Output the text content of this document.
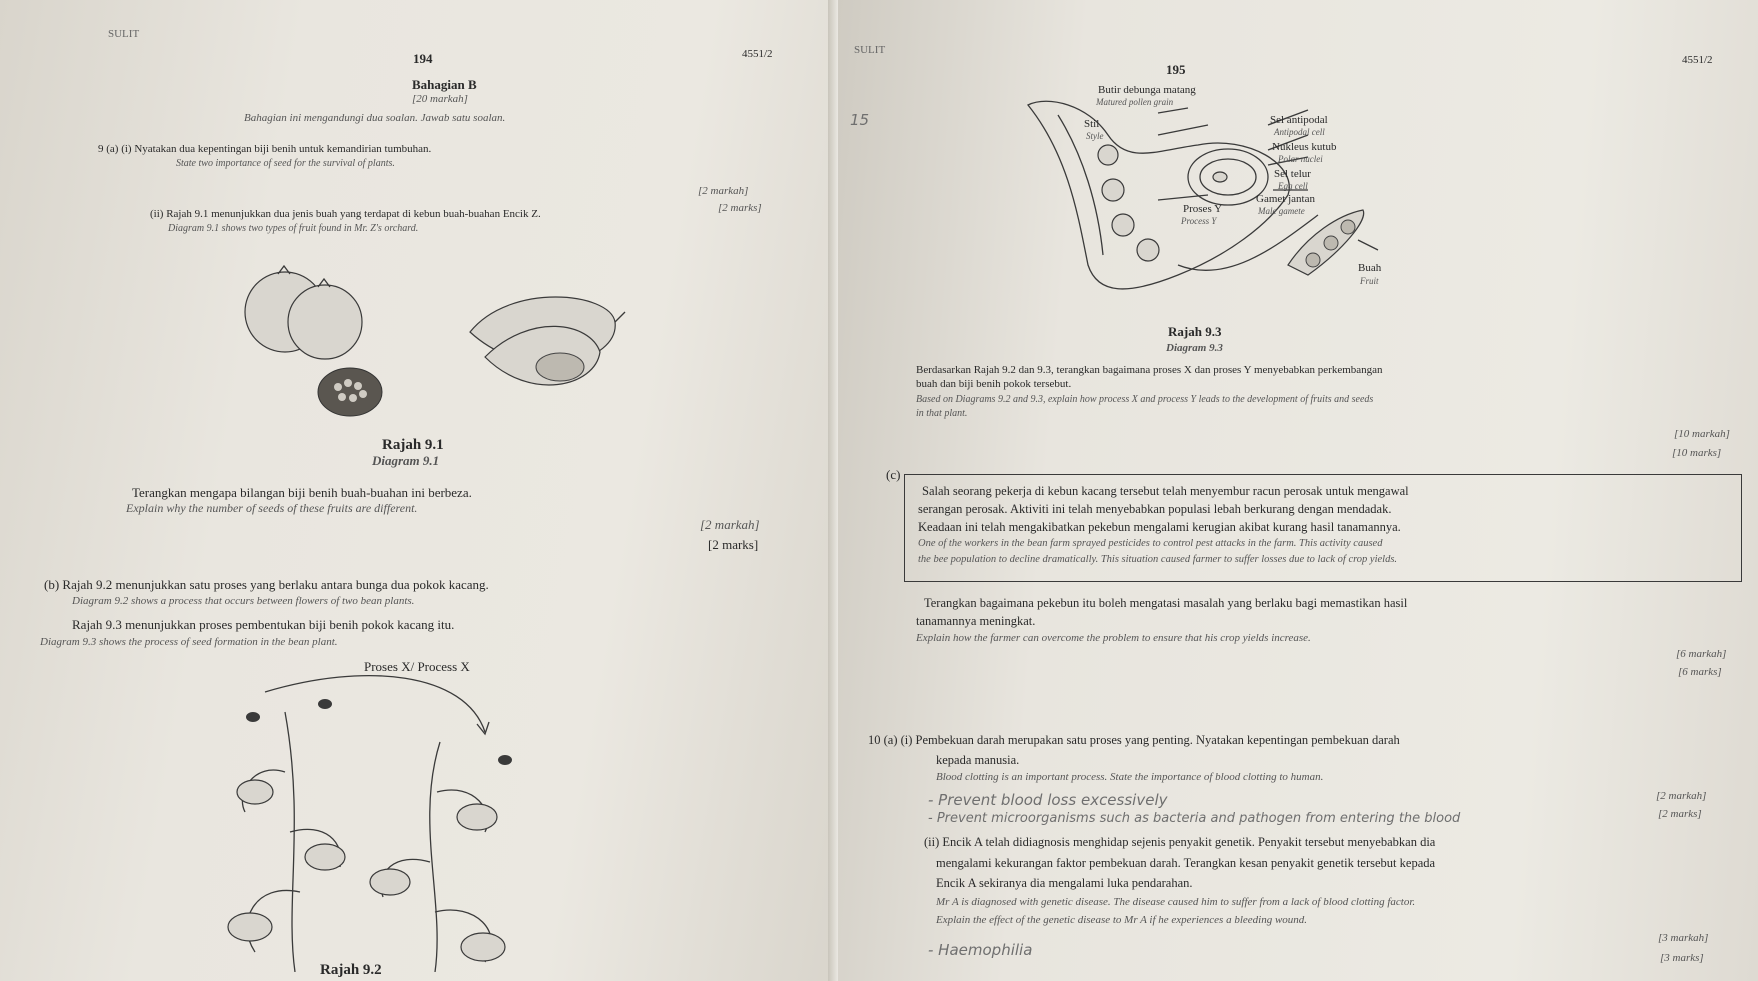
SULIT
194	4551/2
Bahagian B
[20 markah]
Bahagian ini mengandungi dua soalan. Jawab satu soalan.
9 (a) (i) Nyatakan dua kepentingan biji benih untuk kemandirian tumbuhan.
State two importance of seed for the survival of plants.
[2 markah]
[2 marks]
(ii) Rajah 9.1 menunjukkan dua jenis buah yang terdapat di kebun buah-buahan Encik Z.
Diagram 9.1 shows two types of fruit found in Mr. Z's orchard.
Rajah 9.1
Diagram 9.1
Terangkan mengapa bilangan biji benih buah-buahan ini berbeza.
Explain why the number of seeds of these fruits are different.
[2 markah]
[2 marks]
(b) Rajah 9.2 menunjukkan satu proses yang berlaku antara bunga dua pokok kacang.
Diagram 9.2 shows a process that occurs between flowers of two bean plants.
Rajah 9.3 menunjukkan proses pembentukan biji benih pokok kacang itu.
Diagram 9.3 shows the process of seed formation in the bean plant.
Proses X/ Process X
Rajah 9.2
SULIT
195
4551/2
15
Butir debunga matang
Matured pollen grain
Stil
Style
Sel antipodal
Antipodal cell
Nukleus kutub
Polar nuclei
Sel telur
Egg cell
Gamet jantan
Male gamete
Proses Y
Process Y
Buah
Fruit
Rajah 9.3
Diagram 9.3
Berdasarkan Rajah 9.2 dan 9.3, terangkan bagaimana proses X dan proses Y menyebabkan perkembangan
buah dan biji benih pokok tersebut.
Based on Diagrams 9.2 and 9.3, explain how process X and process Y leads to the development of fruits and seeds
in that plant.
[10 markah]
[10 marks]
(c)
Salah seorang pekerja di kebun kacang tersebut telah menyembur racun perosak untuk mengawal
serangan perosak. Aktiviti ini telah menyebabkan populasi lebah berkurang dengan mendadak.
Keadaan ini telah mengakibatkan pekebun mengalami kerugian akibat kurang hasil tanamannya.
One of the workers in the bean farm sprayed pesticides to control pest attacks in the farm. This activity caused
the bee population to decline dramatically. This situation caused farmer to suffer losses due to lack of crop yields.
Terangkan bagaimana pekebun itu boleh mengatasi masalah yang berlaku bagi memastikan hasil
tanamannya meningkat.
Explain how the farmer can overcome the problem to ensure that his crop yields increase.
[6 markah]
[6 marks]
10 (a) (i) Pembekuan darah merupakan satu proses yang penting. Nyatakan kepentingan pembekuan darah
kepada manusia.
Blood clotting is an important process. State the importance of blood clotting to human.
- Prevent blood loss excessively
- Prevent microorganisms such as bacteria and pathogen from entering the blood
[2 markah]
[2 marks]
(ii) Encik A telah didiagnosis menghidap sejenis penyakit genetik. Penyakit tersebut menyebabkan dia
mengalami kekurangan faktor pembekuan darah. Terangkan kesan penyakit genetik tersebut kepada
Encik A sekiranya dia mengalami luka pendarahan.
Mr A is diagnosed with genetic disease. The disease caused him to suffer from a lack of blood clotting factor.
Explain the effect of the genetic disease to Mr A if he experiences a bleeding wound.
- Haemophilia
[3 markah]
[3 marks]
